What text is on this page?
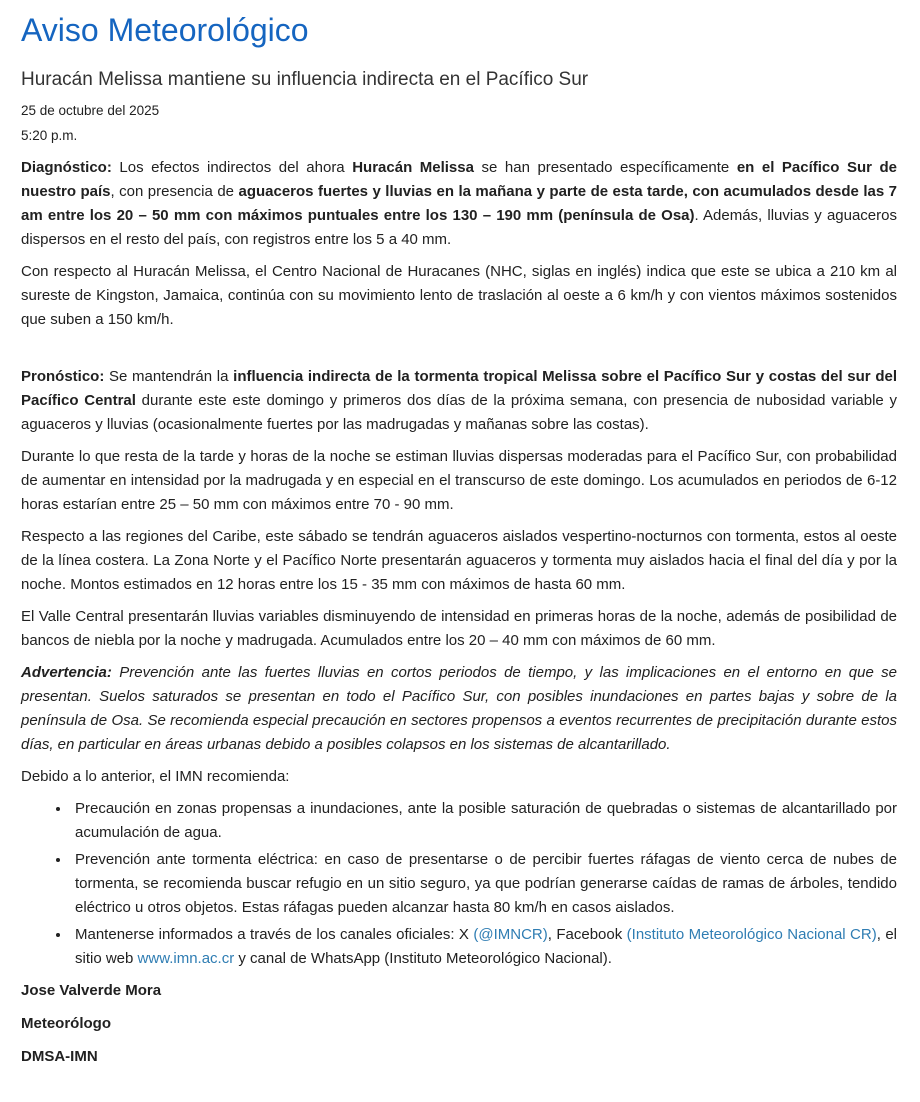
Aviso Meteorológico
Huracán Melissa mantiene su influencia indirecta en el Pacífico Sur
25 de octubre del 2025
5:20 p.m.

Diagnóstico: Los efectos indirectos del ahora Huracán Melissa se han presentado específicamente en el Pacífico Sur de nuestro país, con presencia de aguaceros fuertes y lluvias en la mañana y parte de esta tarde, con acumulados desde las 7 am entre los 20 – 50 mm con máximos puntuales entre los 130 – 190 mm (península de Osa). Además, lluvias y aguaceros dispersos en el resto del país, con registros entre los 5 a 40 mm.

Con respecto al Huracán Melissa, el Centro Nacional de Huracanes (NHC, siglas en inglés) indica que este se ubica a 210 km al sureste de Kingston, Jamaica, continúa con su movimiento lento de traslación al oeste a 6 km/h y con vientos máximos sostenidos que suben a 150 km/h.

Pronóstico: Se mantendrán la influencia indirecta de la tormenta tropical Melissa sobre el Pacífico Sur y costas del sur del Pacífico Central durante este este domingo y primeros dos días de la próxima semana, con presencia de nubosidad variable y aguaceros y lluvias (ocasionalmente fuertes por las madrugadas y mañanas sobre las costas).

Durante lo que resta de la tarde y horas de la noche se estiman lluvias dispersas moderadas para el Pacífico Sur, con probabilidad de aumentar en intensidad por la madrugada y en especial en el transcurso de este domingo. Los acumulados en periodos de 6-12 horas estarían entre 25 – 50 mm con máximos entre 70 - 90 mm.

Respecto a las regiones del Caribe, este sábado se tendrán aguaceros aislados vespertino-nocturnos con tormenta, estos al oeste de la línea costera. La Zona Norte y el Pacífico Norte presentarán aguaceros y tormenta muy aislados hacia el final del día y por la noche. Montos estimados en 12 horas entre los 15 - 35 mm con máximos de hasta 60 mm.

El Valle Central presentarán lluvias variables disminuyendo de intensidad en primeras horas de la noche, además de posibilidad de bancos de niebla por la noche y madrugada. Acumulados entre los 20 – 40 mm con máximos de 60 mm.

Advertencia: Prevención ante las fuertes lluvias en cortos periodos de tiempo, y las implicaciones en el entorno en que se presentan. Suelos saturados se presentan en todo el Pacífico Sur, con posibles inundaciones en partes bajas y sobre de la península de Osa. Se recomienda especial precaución en sectores propensos a eventos recurrentes de precipitación durante estos días, en particular en áreas urbanas debido a posibles colapsos en los sistemas de alcantarillado.

Debido a lo anterior, el IMN recomienda:

• Precaución en zonas propensas a inundaciones, ante la posible saturación de quebradas o sistemas de alcantarillado por acumulación de agua.
• Prevención ante tormenta eléctrica: en caso de presentarse o de percibir fuertes ráfagas de viento cerca de nubes de tormenta, se recomienda buscar refugio en un sitio seguro, ya que podrían generarse caídas de ramas de árboles, tendido eléctrico u otros objetos. Estas ráfagas pueden alcanzar hasta 80 km/h en casos aislados.
• Mantenerse informados a través de los canales oficiales: X (@IMNCR), Facebook (Instituto Meteorológico Nacional CR), el sitio web www.imn.ac.cr y canal de WhatsApp (Instituto Meteorológico Nacional).

Jose Valverde Mora

Meteorólogo

DMSA-IMN
